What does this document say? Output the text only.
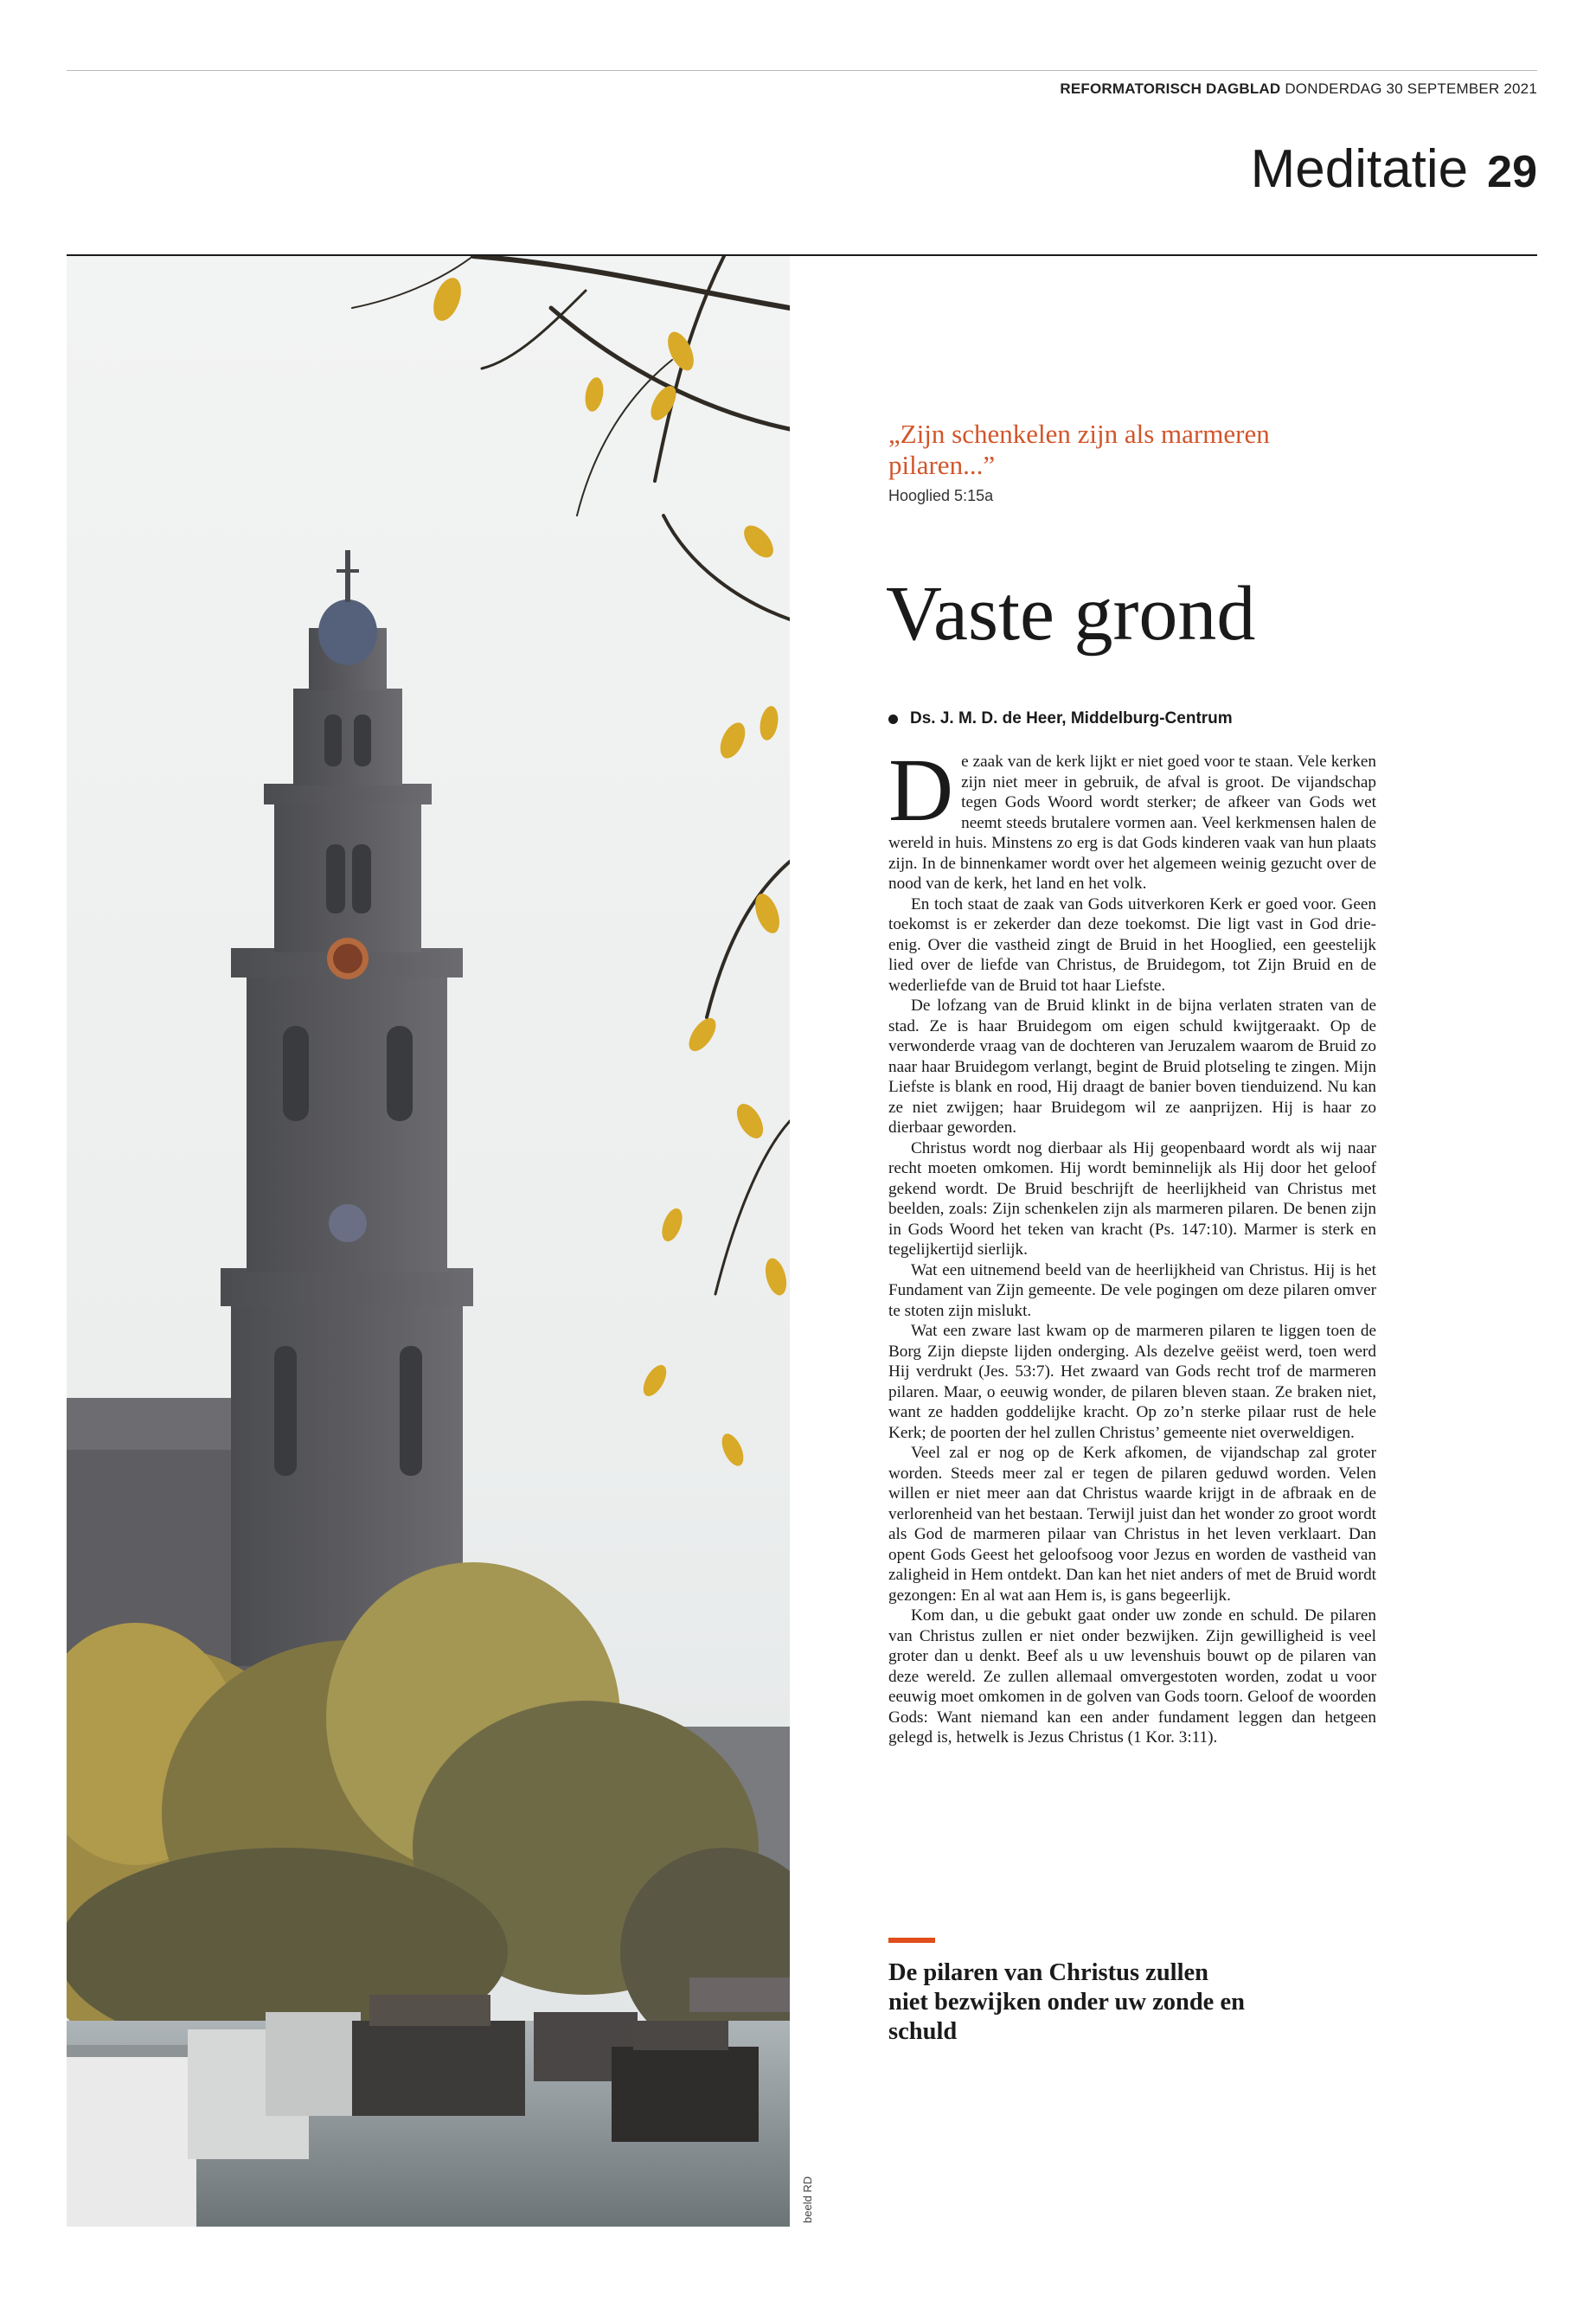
REFORMATORISCH DAGBLAD DONDERDAG 30 SEPTEMBER 2021
Meditatie 29
beeld RD
„Zijn schenkelen zijn als marmeren pilaren...”
Hooglied 5:15a
Vaste grond
Ds. J. M. D. de Heer, Middelburg-Centrum

De zaak van de kerk lijkt er niet goed voor te staan. Vele kerken zijn niet meer in gebruik, de afval is groot. De vijandschap tegen Gods Woord wordt sterker; de afkeer van Gods wet neemt steeds brutalere vormen aan. Veel kerkmensen halen de wereld in huis. Minstens zo erg is dat Gods kinderen vaak van hun plaats zijn. In de binnenkamer wordt over het algemeen weinig gezucht over de nood van de kerk, het land en het volk.

En toch staat de zaak van Gods uitverkoren Kerk er goed voor. Geen toekomst is er zekerder dan deze toekomst. Die ligt vast in God drie-enig. Over die vastheid zingt de Bruid in het Hooglied, een geestelijk lied over de liefde van Christus, de Bruidegom, tot Zijn Bruid en de wederliefde van de Bruid tot haar Liefste.

De lofzang van de Bruid klinkt in de bijna verlaten straten van de stad. Ze is haar Bruidegom om eigen schuld kwijtgeraakt. Op de verwonderde vraag van de dochteren van Jeruzalem waarom de Bruid zo naar haar Bruidegom verlangt, begint de Bruid plotseling te zingen. Mijn Liefste is blank en rood, Hij draagt de banier boven tienduizend. Nu kan ze niet zwijgen; haar Bruidegom wil ze aanprijzen. Hij is haar zo dierbaar geworden.

Christus wordt nog dierbaar als Hij geopenbaard wordt als wij naar recht moeten omkomen. Hij wordt beminnelijk als Hij door het geloof gekend wordt. De Bruid beschrijft de heerlijkheid van Christus met beelden, zoals: Zijn schenkelen zijn als marmeren pilaren. De benen zijn in Gods Woord het teken van kracht (Ps. 147:10). Marmer is sterk en tegelijkertijd sierlijk.

Wat een uitnemend beeld van de heerlijkheid van Christus. Hij is het Fundament van Zijn gemeente. De vele pogingen om deze pilaren omver te stoten zijn mislukt.

Wat een zware last kwam op de marmeren pilaren te liggen toen de Borg Zijn diepste lijden onderging. Als dezelve geëist werd, toen werd Hij verdrukt (Jes. 53:7). Het zwaard van Gods recht trof de marmeren pilaren. Maar, o eeuwig wonder, de pilaren bleven staan. Ze braken niet, want ze hadden goddelijke kracht. Op zo’n sterke pilaar rust de hele Kerk; de poorten der hel zullen Christus’ gemeente niet overweldigen.

Veel zal er nog op de Kerk afkomen, de vijandschap zal groter worden. Steeds meer zal er tegen de pilaren geduwd worden. Velen willen er niet meer aan dat Christus waarde krijgt in de afbraak en de verlorenheid van het bestaan. Terwijl juist dan het wonder zo groot wordt als God de marmeren pilaar van Christus in het leven verklaart. Dan opent Gods Geest het geloofsoog voor Jezus en worden de vastheid van zaligheid in Hem ontdekt. Dan kan het niet anders of met de Bruid wordt gezongen: En al wat aan Hem is, is gans begeerlijk.

Kom dan, u die gebukt gaat onder uw zonde en schuld. De pilaren van Christus zullen er niet onder bezwijken. Zijn gewilligheid is veel groter dan u denkt. Beef als u uw levenshuis bouwt op de pilaren van deze wereld. Ze zullen allemaal omvergestoten worden, zodat u voor eeuwig moet omkomen in de golven van Gods toorn. Geloof de woorden Gods: Want niemand kan een ander fundament leggen dan hetgeen gelegd is, hetwelk is Jezus Christus (1 Kor. 3:11).

De pilaren van Christus zullen niet bezwijken onder uw zonde en schuld
